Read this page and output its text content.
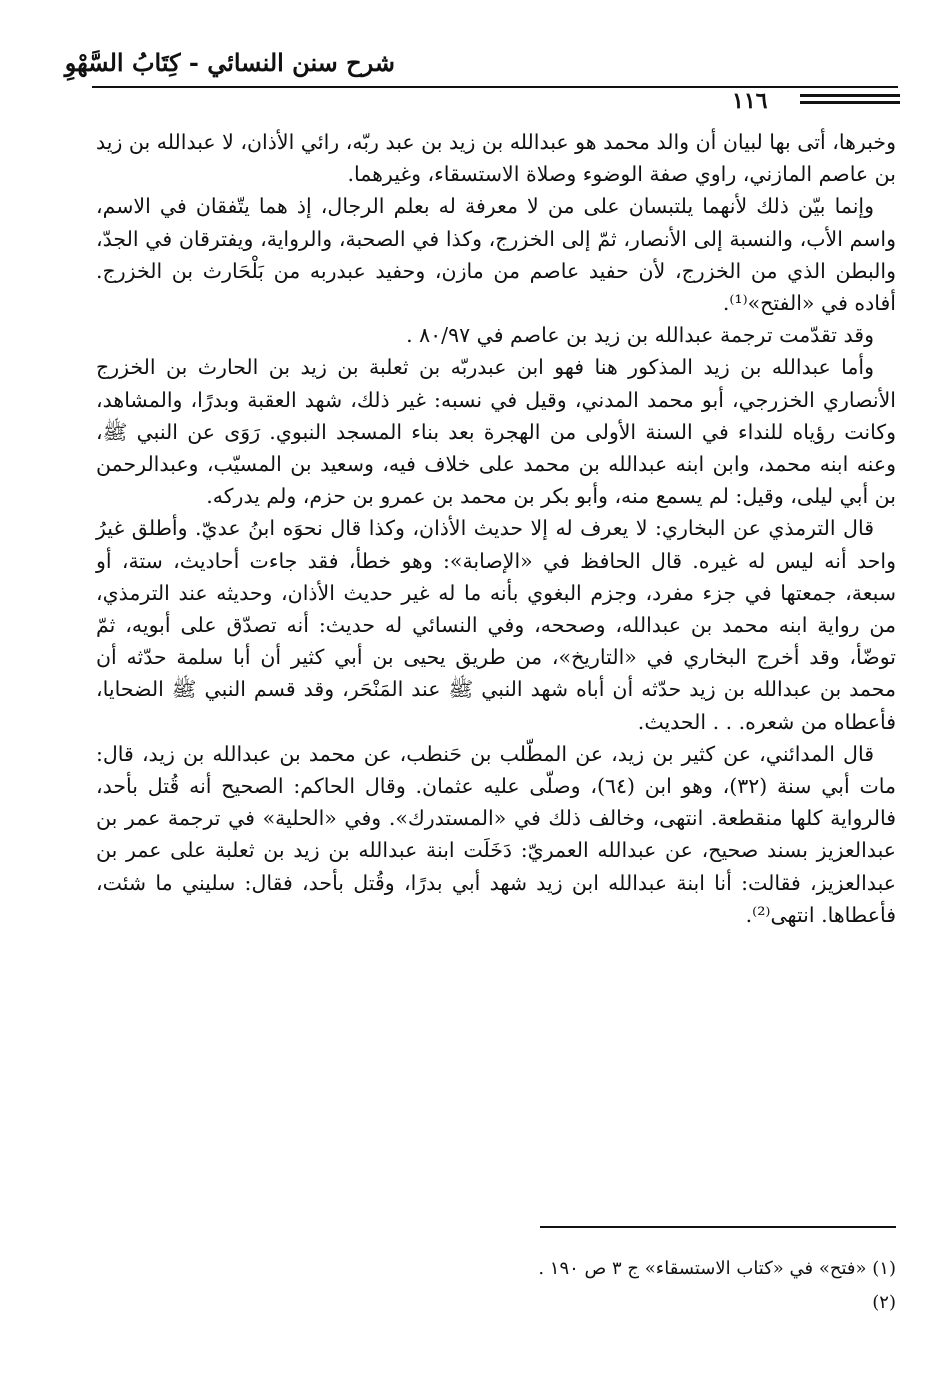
شرح سنن النسائي - كِتَابُ السَّهْوِ
١١٦

وخبرها، أتى بها لبيان أن والد محمد هو عبدالله بن زيد بن عبد ربّه، رائي الأذان، لا عبدالله بن زيد بن عاصم المازني، راوي صفة الوضوء وصلاة الاستسقاء، وغيرهما.

وإنما بيّن ذلك لأنهما يلتبسان على من لا معرفة له بعلم الرجال، إذ هما يتّفقان في الاسم، واسم الأب، والنسبة إلى الأنصار، ثمّ إلى الخزرج، وكذا في الصحبة، والرواية، ويفترقان في الجدّ، والبطن الذي من الخزرج، لأن حفيد عاصم من مازن، وحفيد عبدربه من بَلْحَارث بن الخزرج. أفاده في «الفتح»⁽¹⁾.

وقد تقدّمت ترجمة عبدالله بن زيد بن عاصم في ٨٠/٩٧ .

وأما عبدالله بن زيد المذكور هنا فهو ابن عبدربّه بن ثعلبة بن زيد بن الحارث بن الخزرج الأنصاري الخزرجي، أبو محمد المدني، وقيل في نسبه: غير ذلك، شهد العقبة وبدرًا، والمشاهد، وكانت رؤياه للنداء في السنة الأولى من الهجرة بعد بناء المسجد النبوي. رَوَى عن النبي ﷺ، وعنه ابنه محمد، وابن ابنه عبدالله بن محمد على خلاف فيه، وسعيد بن المسيّب، وعبدالرحمن بن أبي ليلى، وقيل: لم يسمع منه، وأبو بكر بن محمد بن عمرو بن حزم، ولم يدركه.

قال الترمذي عن البخاري: لا يعرف له إلا حديث الأذان، وكذا قال نحوَه ابنُ عديّ. وأطلق غيرُ واحد أنه ليس له غيره. قال الحافظ في «الإصابة»: وهو خطأ، فقد جاءت أحاديث، ستة، أو سبعة، جمعتها في جزء مفرد، وجزم البغوي بأنه ما له غير حديث الأذان، وحديثه عند الترمذي، من رواية ابنه محمد بن عبدالله، وصححه، وفي النسائي له حديث: أنه تصدّق على أبويه، ثمّ توضّأ، وقد أخرج البخاري في «التاريخ»، من طريق يحيى بن أبي كثير أن أبا سلمة حدّثه أن محمد بن عبدالله بن زيد حدّثه أن أباه شهد النبي ﷺ عند المَنْحَر، وقد قسم النبي ﷺ الضحايا، فأعطاه من شعره. . . الحديث.

قال المدائني، عن كثير بن زيد، عن المطّلب بن حَنطب، عن محمد بن عبدالله بن زيد، قال: مات أبي سنة (٣٢)، وهو ابن (٦٤)، وصلّى عليه عثمان. وقال الحاكم: الصحيح أنه قُتل بأحد، فالرواية كلها منقطعة. انتهى، وخالف ذلك في «المستدرك». وفي «الحلية» في ترجمة عمر بن عبدالعزيز بسند صحيح، عن عبدالله العمريّ: دَخَلَت ابنة عبدالله بن زيد بن ثعلبة على عمر بن عبدالعزيز، فقالت: أنا ابنة عبدالله ابن زيد شهد أبي بدرًا، وقُتل بأحد، فقال: سليني ما شئت، فأعطاها. انتهى⁽²⁾.

(١) «فتح» في «كتاب الاستسقاء» ج ٣ ص ١٩٠ .
(٢)
